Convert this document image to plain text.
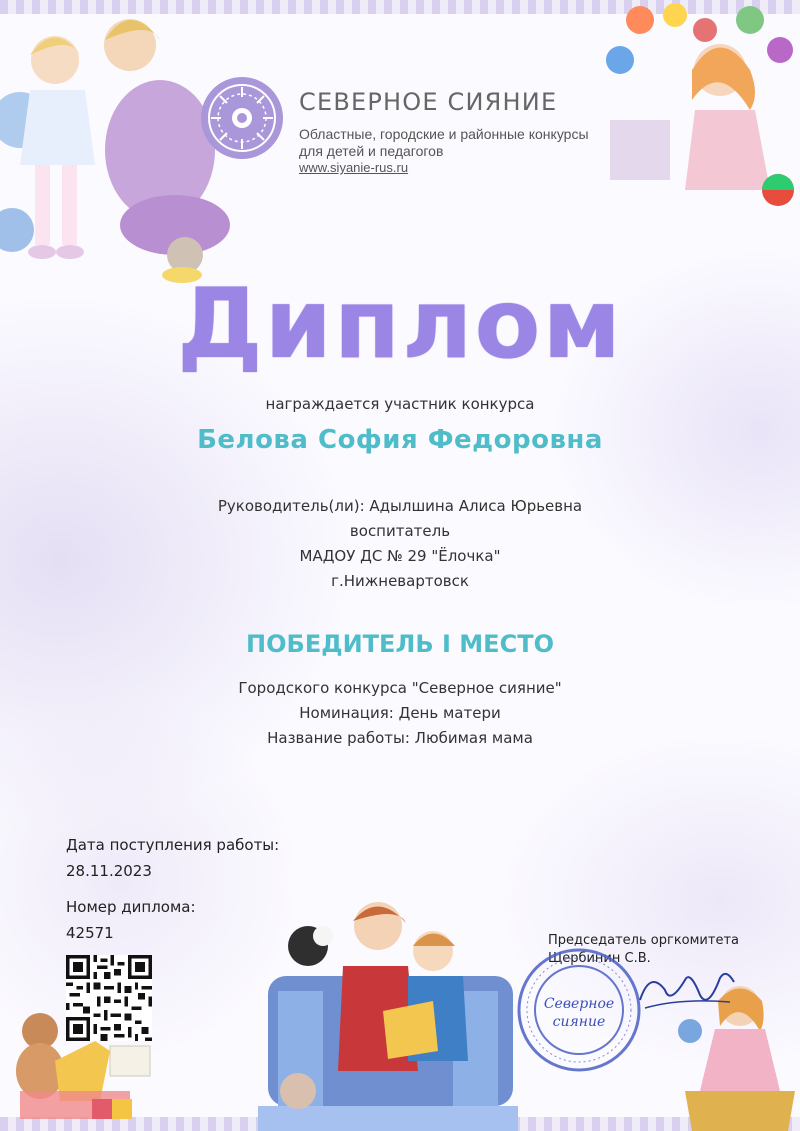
СЕВЕРНОЕ СИЯНИЕ
Областные, городские и районные конкурсы
для детей и педагогов
www.siyanie-rus.ru
Диплом
награждается участник конкурса
Белова София Федоровна
Руководитель(ли): Адылшина Алиса Юрьевна
воспитатель
МАДОУ ДС № 29 "Ёлочка"
г.Нижневартовск
ПОБЕДИТЕЛЬ I МЕСТО
Городского конкурса "Северное сияние"
Номинация: День матери
Название работы: Любимая мама
Дата поступления работы:
28.11.2023
Номер диплома:
42571	Председатель оргкомитета
Щербинин С.В.
Северное
сияние
